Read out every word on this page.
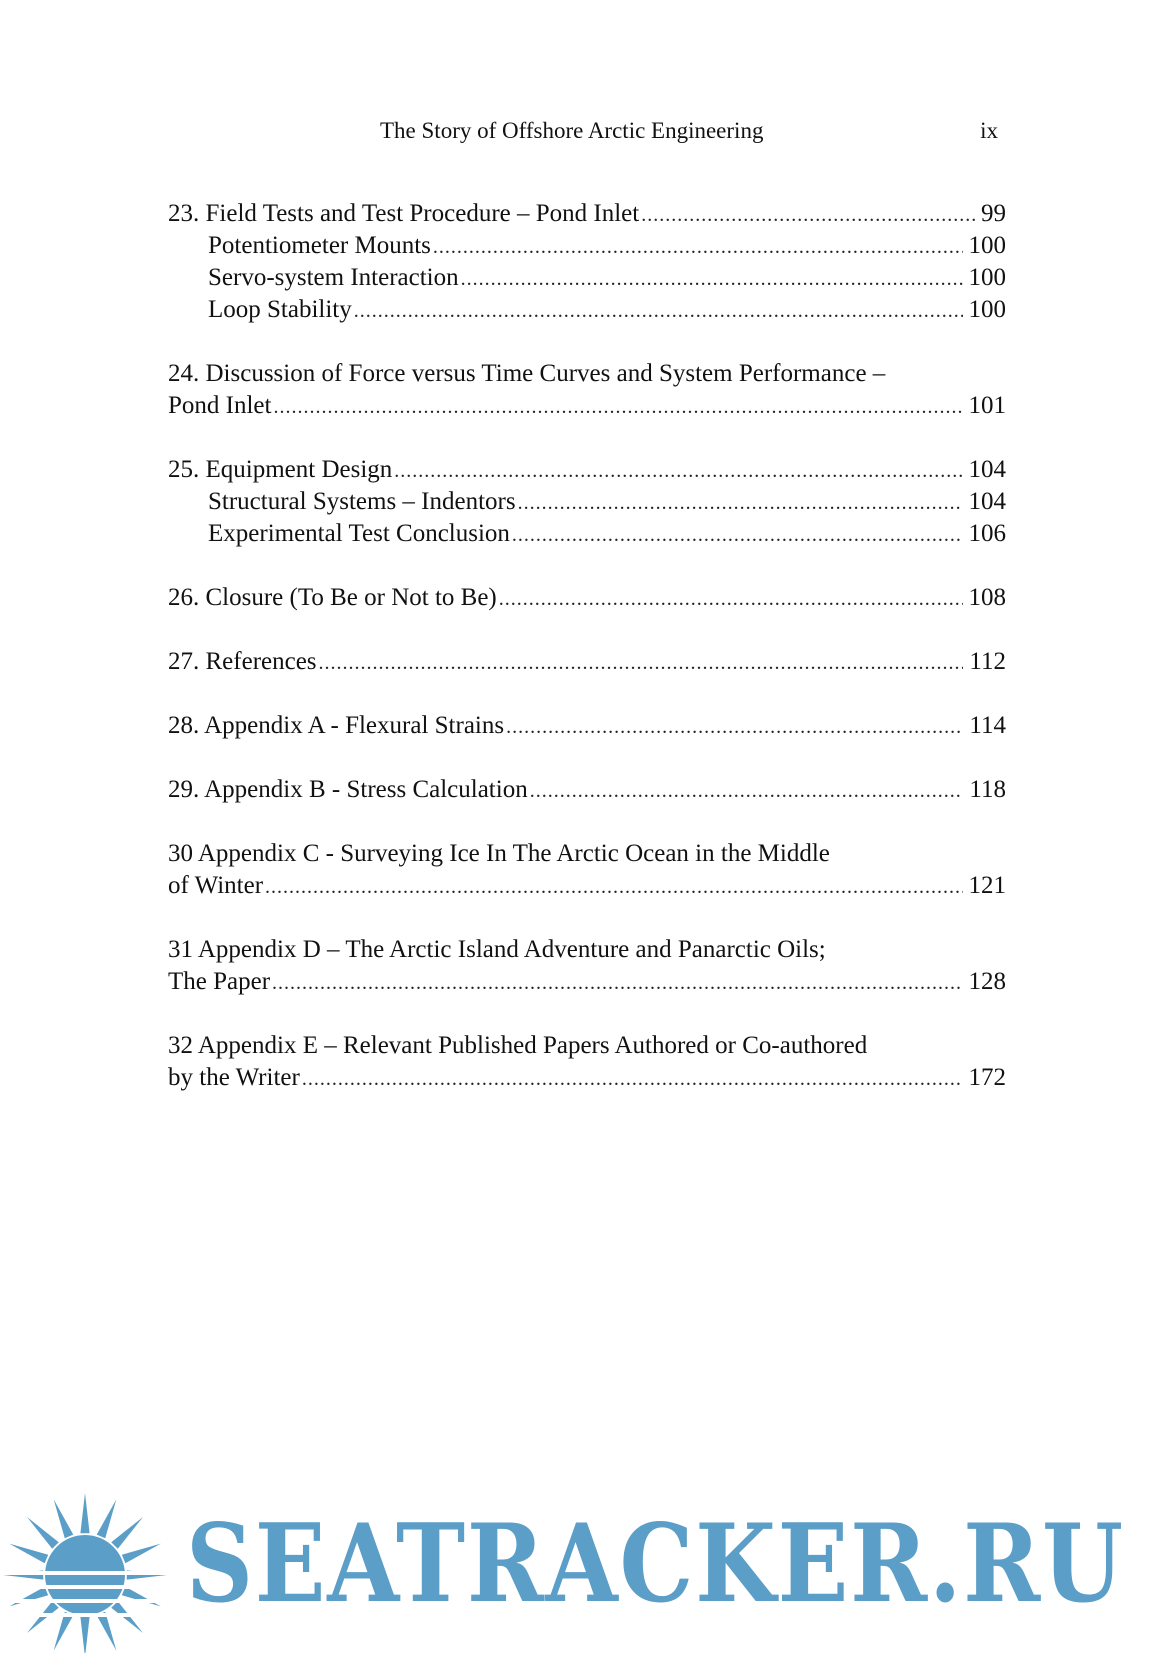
The Story of Offshore Arctic Engineering	ix
23. Field Tests and Test Procedure – Pond Inlet . . .	99
Potentiometer Mounts . . .	100
Servo-system Interaction . . .	100
Loop Stability . . .	100
24. Discussion of Force versus Time Curves and System Performance –
Pond Inlet . . .	101
25. Equipment Design . . .	104
Structural Systems – Indentors . . .	104
Experimental Test Conclusion . . .	106
26. Closure (To Be or Not to Be) . . .	108
27. References . . .	112
28. Appendix A - Flexural Strains . . .	114
29. Appendix B - Stress Calculation . . .	118
30 Appendix C - Surveying Ice In The Arctic Ocean in the Middle
of Winter . . .	121
31 Appendix D – The Arctic Island Adventure and Panarctic Oils;
The Paper . . .	128
32 Appendix E – Relevant Published Papers Authored or Co-authored
by the Writer . . .	172
SEATRACKER.RU
